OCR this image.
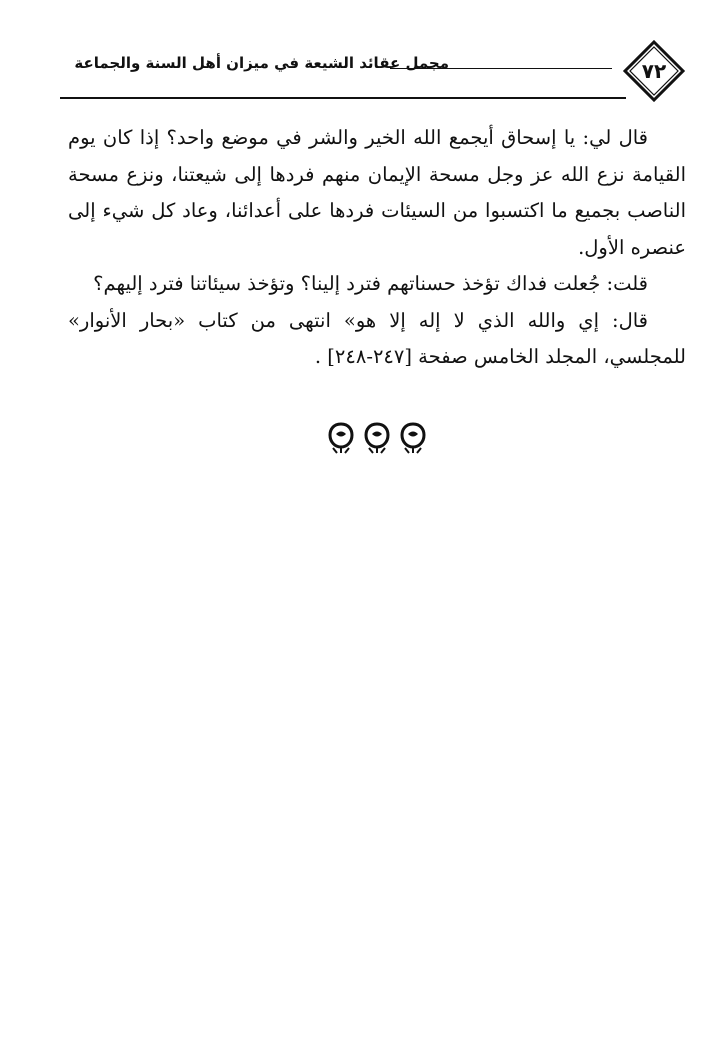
٧٢
مجمل عقائد الشيعة في ميزان أهل السنة والجماعة

قال لي: يا إسحاق أيجمع الله الخير والشر في موضع واحد؟ إذا كان يوم القيامة نزع الله عز وجل مسحة الإيمان منهم فردها إلى شيعتنا، ونزع مسحة الناصب بجميع ما اكتسبوا من السيئات فردها على أعدائنا، وعاد كل شيء إلى عنصره الأول.

قلت: جُعلت فداك تؤخذ حسناتهم فترد إلينا؟ وتؤخذ سيئاتنا فترد إليهم؟

قال: إي والله الذي لا إله إلا هو» انتهى من كتاب «بحار الأنوار» للمجلسي، المجلد الخامس صفحة [٢٤٧-٢٤٨] .
